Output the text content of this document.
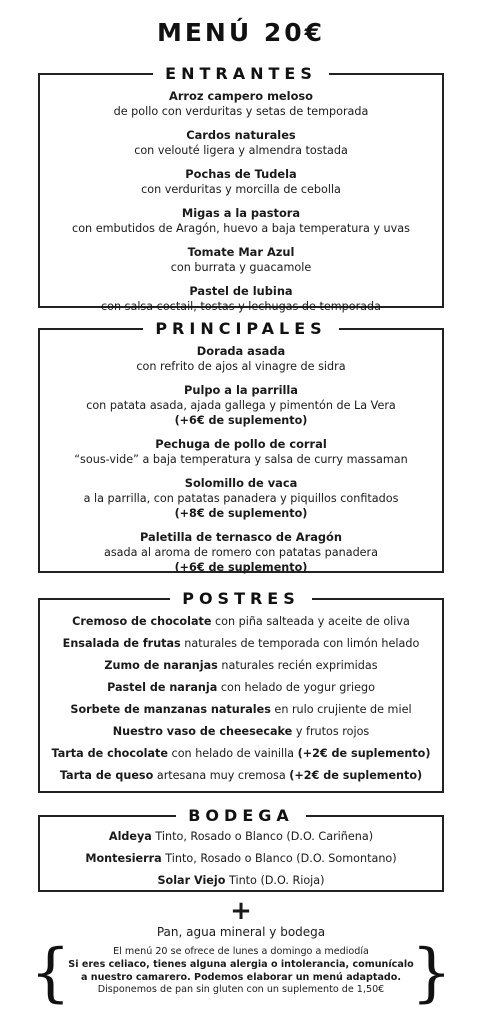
MENÚ 20€
ENTRANTES
Arroz campero meloso
de pollo con verduritas y setas de temporada
Cardos naturales
con velouté ligera y almendra tostada
Pochas de Tudela
con verduritas y morcilla de cebolla
Migas a la pastora
con embutidos de Aragón, huevo a baja temperatura y uvas
Tomate Mar Azul
con burrata y guacamole
Pastel de lubina
con salsa coctail, tostas y lechugas de temporada
PRINCIPALES
Dorada asada
con refrito de ajos al vinagre de sidra
Pulpo a la parrilla
con patata asada, ajada gallega y pimentón de La Vera
(+6€ de suplemento)
Pechuga de pollo de corral
“sous-vide” a baja temperatura y salsa de curry massaman
Solomillo de vaca
a la parrilla, con patatas panadera y piquillos confitados
(+8€ de suplemento)
Paletilla de ternasco de Aragón
asada al aroma de romero con patatas panadera
(+6€ de suplemento)
POSTRES
Cremoso de chocolate con piña salteada y aceite de oliva
Ensalada de frutas naturales de temporada con limón helado
Zumo de naranjas naturales recién exprimidas
Pastel de naranja con helado de yogur griego
Sorbete de manzanas naturales en rulo crujiente de miel
Nuestro vaso de cheesecake y frutos rojos
Tarta de chocolate con helado de vainilla (+2€ de suplemento)
Tarta de queso artesana muy cremosa (+2€ de suplemento)
BODEGA
Aldeya Tinto, Rosado o Blanco (D.O. Cariñena)
Montesierra Tinto, Rosado o Blanco (D.O. Somontano)
Solar Viejo Tinto (D.O. Rioja)
+
Pan, agua mineral y bodega
{	}
El menú 20 se ofrece de lunes a domingo a mediodía
Si eres celiaco, tienes alguna alergia o intolerancia, comunícalo
a nuestro camarero. Podemos elaborar un menú adaptado.
Disponemos de pan sin gluten con un suplemento de 1,50€
